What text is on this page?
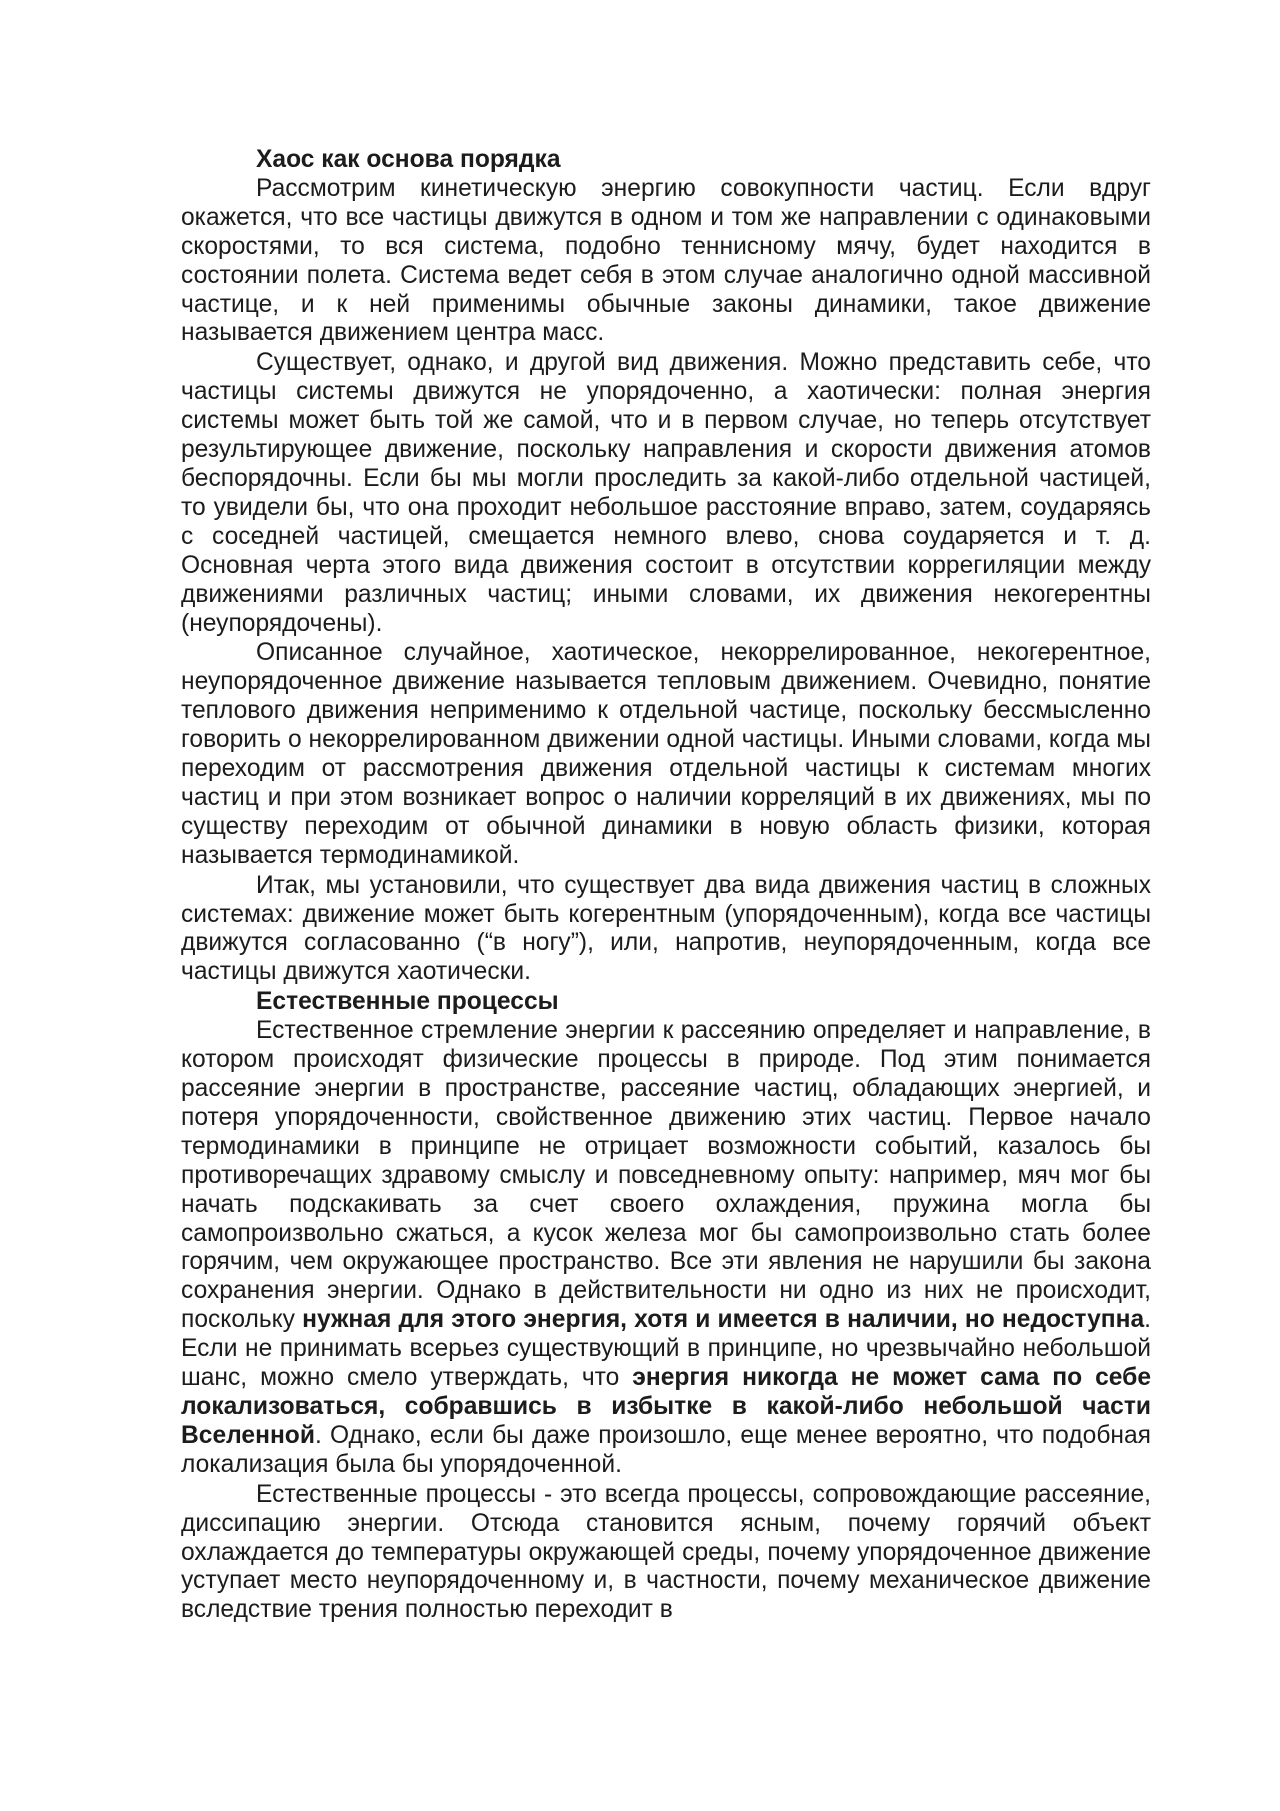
Хаос как основа порядка

Рассмотрим кинетическую энергию совокупности частиц. Если вдруг окажется, что все частицы движутся в одном и том же направлении с одинаковыми скоростями, то вся система, подобно теннисному мячу, будет находится в состоянии полета. Система ведет себя в этом случае аналогично одной массивной частице, и к ней применимы обычные законы динамики, такое движение называется движением центра масс.

Существует, однако, и другой вид движения. Можно представить себе, что частицы системы движутся не упорядоченно, а хаотически: полная энергия системы может быть той же самой, что и в первом случае, но теперь отсутствует результирующее движение, поскольку направления и скорости движения атомов беспорядочны. Если бы мы могли проследить за какой-либо отдельной частицей, то увидели бы, что она проходит небольшое расстояние вправо, затем, соударяясь с соседней частицей, смещается немного влево, снова соударяется и т. д. Основная черта этого вида движения состоит в отсутствии коррегиляции между движениями различных частиц; иными словами, их движения некогерентны (неупорядочены).

Описанное случайное, хаотическое, некоррелированное, некогерентное, неупорядоченное движение называется тепловым движением. Очевидно, понятие теплового движения неприменимо к отдельной частице, поскольку бессмысленно говорить о некоррелированном движении одной частицы. Иными словами, когда мы переходим от рассмотрения движения отдельной частицы к системам многих частиц и при этом возникает вопрос о наличии корреляций в их движениях, мы по существу переходим от обычной динамики в новую область физики, которая называется термодинамикой.

Итак, мы установили, что существует два вида движения частиц в сложных системах: движение может быть когерентным (упорядоченным), когда все частицы движутся согласованно (“в ногу”), или, напротив, неупорядоченным, когда все частицы движутся хаотически.

Естественные процессы

Естественное стремление энергии к рассеянию определяет и направление, в котором происходят физические процессы в природе. Под этим понимается рассеяние энергии в пространстве, рассеяние частиц, обладающих энергией, и потеря упорядоченности, свойственное движению этих частиц. Первое начало термодинамики в принципе не отрицает возможности событий, казалось бы противоречащих здравому смыслу и повседневному опыту: например, мяч мог бы начать подскакивать за счет своего охлаждения, пружина могла бы самопроизвольно сжаться, а кусок железа мог бы самопроизвольно стать более горячим, чем окружающее пространство. Все эти явления не нарушили бы закона сохранения энергии. Однако в действительности ни одно из них не происходит, поскольку нужная для этого энергия, хотя и имеется в наличии, но недоступна. Если не принимать всерьез существующий в принципе, но чрезвычайно небольшой шанс, можно смело утверждать, что энергия никогда не может сама по себе локализоваться, собравшись в избытке в какой-либо небольшой части Вселенной. Однако, если бы даже произошло, еще менее вероятно, что подобная локализация была бы упорядоченной.

Естественные процессы - это всегда процессы, сопровождающие рассеяние, диссипацию энергии. Отсюда становится ясным, почему горячий объект охлаждается до температуры окружающей среды, почему упорядоченное движение уступает место неупорядоченному и, в частности, почему механическое движение вследствие трения полностью переходит в
